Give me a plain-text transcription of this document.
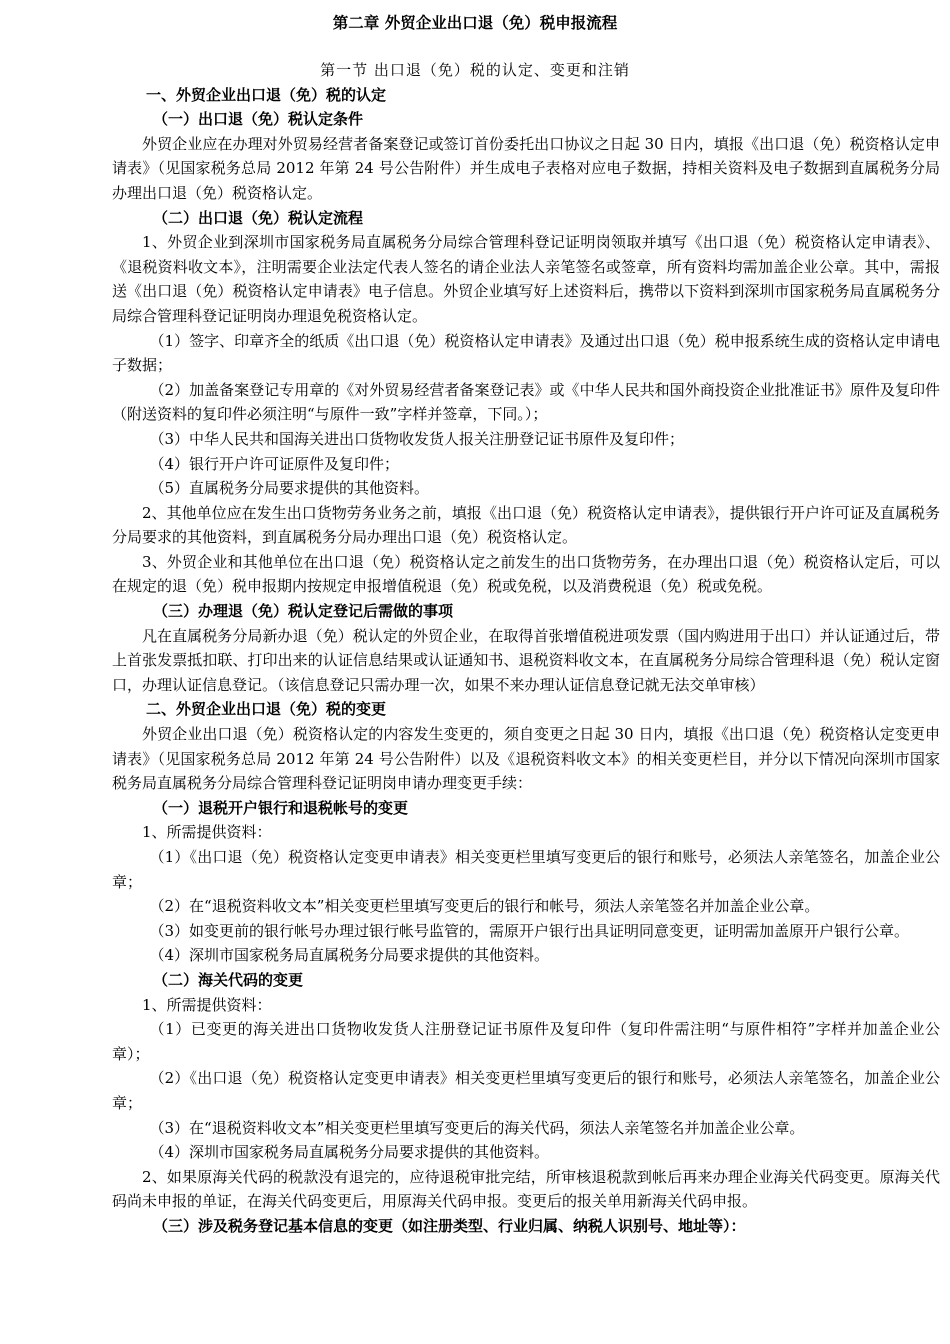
第二章 外贸企业出口退（免）税申报流程
第一节 出口退（免）税的认定、变更和注销
一、外贸企业出口退（免）税的认定
（一）出口退（免）税认定条件

外贸企业应在办理对外贸易经营者备案登记或签订首份委托出口协议之日起 30 日内，填报《出口退（免）税资格认定申请表》（见国家税务总局 2012 年第 24 号公告附件）并生成电子表格对应电子数据，持相关资料及电子数据到直属税务分局办理出口退（免）税资格认定。

（二）出口退（免）税认定流程

1、外贸企业到深圳市国家税务局直属税务分局综合管理科登记证明岗领取并填写《出口退（免）税资格认定申请表》、《退税资料收文本》，注明需要企业法定代表人签名的请企业法人亲笔签名或签章，所有资料均需加盖企业公章。其中，需报送《出口退（免）税资格认定申请表》电子信息。外贸企业填写好上述资料后，携带以下资料到深圳市国家税务局直属税务分局综合管理科登记证明岗办理退免税资格认定。

（1）签字、印章齐全的纸质《出口退（免）税资格认定申请表》及通过出口退（免）税申报系统生成的资格认定申请电子数据；

（2）加盖备案登记专用章的《对外贸易经营者备案登记表》或《中华人民共和国外商投资企业批准证书》原件及复印件（附送资料的复印件必须注明“与原件一致”字样并签章，下同。）；

（3）中华人民共和国海关进出口货物收发货人报关注册登记证书原件及复印件；

（4）银行开户许可证原件及复印件；

（5）直属税务分局要求提供的其他资料。

2、其他单位应在发生出口货物劳务业务之前，填报《出口退（免）税资格认定申请表》，提供银行开户许可证及直属税务分局要求的其他资料，到直属税务分局办理出口退（免）税资格认定。

3、外贸企业和其他单位在出口退（免）税资格认定之前发生的出口货物劳务，在办理出口退（免）税资格认定后，可以在规定的退（免）税申报期内按规定申报增值税退（免）税或免税，以及消费税退（免）税或免税。

（三）办理退（免）税认定登记后需做的事项

凡在直属税务分局新办退（免）税认定的外贸企业，在取得首张增值税进项发票（国内购进用于出口）并认证通过后，带上首张发票抵扣联、打印出来的认证信息结果或认证通知书、退税资料收文本，在直属税务分局综合管理科退（免）税认定窗口，办理认证信息登记。（该信息登记只需办理一次，如果不来办理认证信息登记就无法交单审核）

二、外贸企业出口退（免）税的变更

外贸企业出口退（免）税资格认定的内容发生变更的，须自变更之日起 30 日内，填报《出口退（免）税资格认定变更申请表》（见国家税务总局 2012 年第 24 号公告附件）以及《退税资料收文本》的相关变更栏目，并分以下情况向深圳市国家税务局直属税务分局综合管理科登记证明岗申请办理变更手续：

（一）退税开户银行和退税帐号的变更

1、所需提供资料：

（1）《出口退（免）税资格认定变更申请表》相关变更栏里填写变更后的银行和账号，必须法人亲笔签名，加盖企业公章；

（2）在“退税资料收文本”相关变更栏里填写变更后的银行和帐号，须法人亲笔签名并加盖企业公章。

（3）如变更前的银行帐号办理过银行帐号监管的，需原开户银行出具证明同意变更，证明需加盖原开户银行公章。

（4）深圳市国家税务局直属税务分局要求提供的其他资料。

（二）海关代码的变更

1、所需提供资料：

（1）已变更的海关进出口货物收发货人注册登记证书原件及复印件（复印件需注明“与原件相符”字样并加盖企业公章）；

（2）《出口退（免）税资格认定变更申请表》相关变更栏里填写变更后的银行和账号，必须法人亲笔签名，加盖企业公章；

（3）在“退税资料收文本”相关变更栏里填写变更后的海关代码，须法人亲笔签名并加盖企业公章。

（4）深圳市国家税务局直属税务分局要求提供的其他资料。

2、如果原海关代码的税款没有退完的，应待退税审批完结，所审核退税款到帐后再来办理企业海关代码变更。原海关代码尚未申报的单证，在海关代码变更后，用原海关代码申报。变更后的报关单用新海关代码申报。

（三）涉及税务登记基本信息的变更（如注册类型、行业归属、纳税人识别号、地址等）：
